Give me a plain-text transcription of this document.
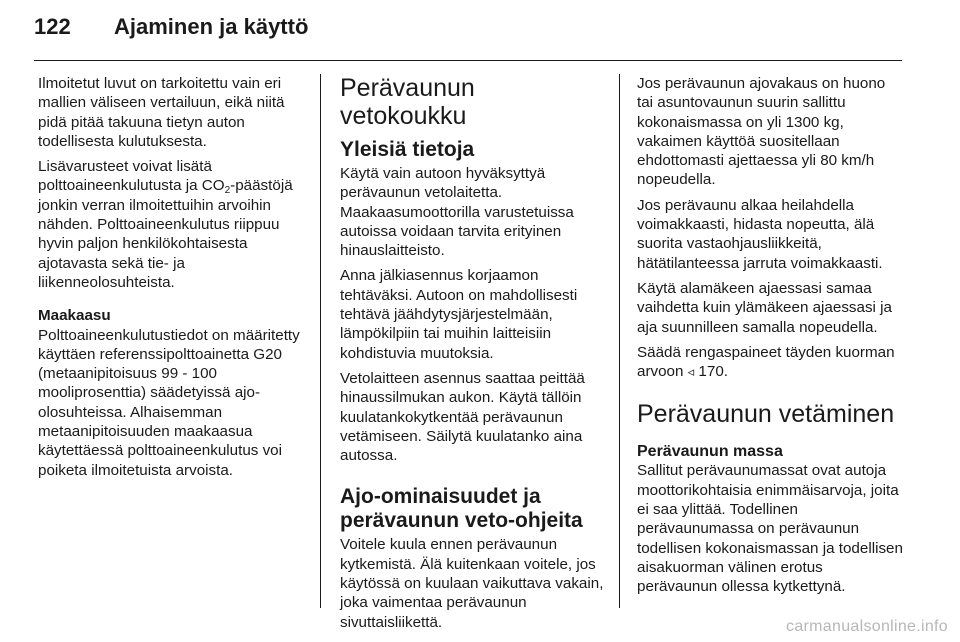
122	Ajaminen ja käyttö

Ilmoitetut luvut on tarkoitettu vain eri mallien väliseen vertailuun, eikä niitä pidä pitää takuuna tietyn auton todellisesta kulutuksesta.

Lisävarusteet voivat lisätä polttoaineenkulutusta ja $CO_2$-päästöjä jonkin verran ilmoitettuihin arvoihin nähden. Polttoaineenkulutus riippuu hyvin paljon henkilökohtaisesta ajotavasta sekä tie- ja liikenneolosuhteista.

Maakaasu

Polttoaineenkulutustiedot on määritetty käyttäen referenssipolttoainetta G20 (metaanipitoisuus 99 - 100 mooliprosenttia) säädetyissä ajo-olosuhteissa. Alhaisemman metaanipitoisuuden maakaasua käytettäessä polttoaineenkulutus voi poiketa ilmoitetuista arvoista.

Perävaunun
vetokoukku
Yleisiä tietoja

Käytä vain autoon hyväksyttyä perävaunun vetolaitetta. Maakaasumoottorilla varustetuissa autoissa voidaan tarvita erityinen hinauslaitteisto.

Anna jälkiasennus korjaamon tehtäväksi. Autoon on mahdollisesti tehtävä jäähdytysjärjestelmään, lämpökilpiin tai muihin laitteisiin kohdistuvia muutoksia.

Vetolaitteen asennus saattaa peittää hinaussilmukan aukon. Käytä tällöin kuulatankokytkentää perävaunun vetämiseen. Säilytä kuulatanko aina autossa.

Ajo-ominaisuudet ja
perävaunun veto-ohjeita

Voitele kuula ennen perävaunun kytkemistä. Älä kuitenkaan voitele, jos käytössä on kuulaan vaikuttava vakain, joka vaimentaa perävaunun sivuttaisliikettä.

Jos perävaunun ajovakaus on huono tai asuntovaunun suurin sallittu kokonaismassa on yli 1300 kg, vakaimen käyttöä suositellaan ehdottomasti ajettaessa yli 80 km/h nopeudella.

Jos perävaunu alkaa heilahdella voimakkaasti, hidasta nopeutta, älä suorita vastaohjausliikkeitä, hätätilanteessa jarruta voimakkaasti.

Käytä alamäkeen ajaessasi samaa vaihdetta kuin ylämäkeen ajaessasi ja aja suunnilleen samalla nopeudella.

Säädä rengaspaineet täyden kuorman arvoon ◃ 170.

Perävaunun vetäminen
Perävaunun massa

Sallitut perävaunumassat ovat autoja moottorikohtaisia enimmäisarvoja, joita ei saa ylittää. Todellinen perävaunumassa on perävaunun todellisen kokonaismassan ja todellisen aisakuorman välinen erotus perävaunun ollessa kytkettynä.

carmanualsonline.info
